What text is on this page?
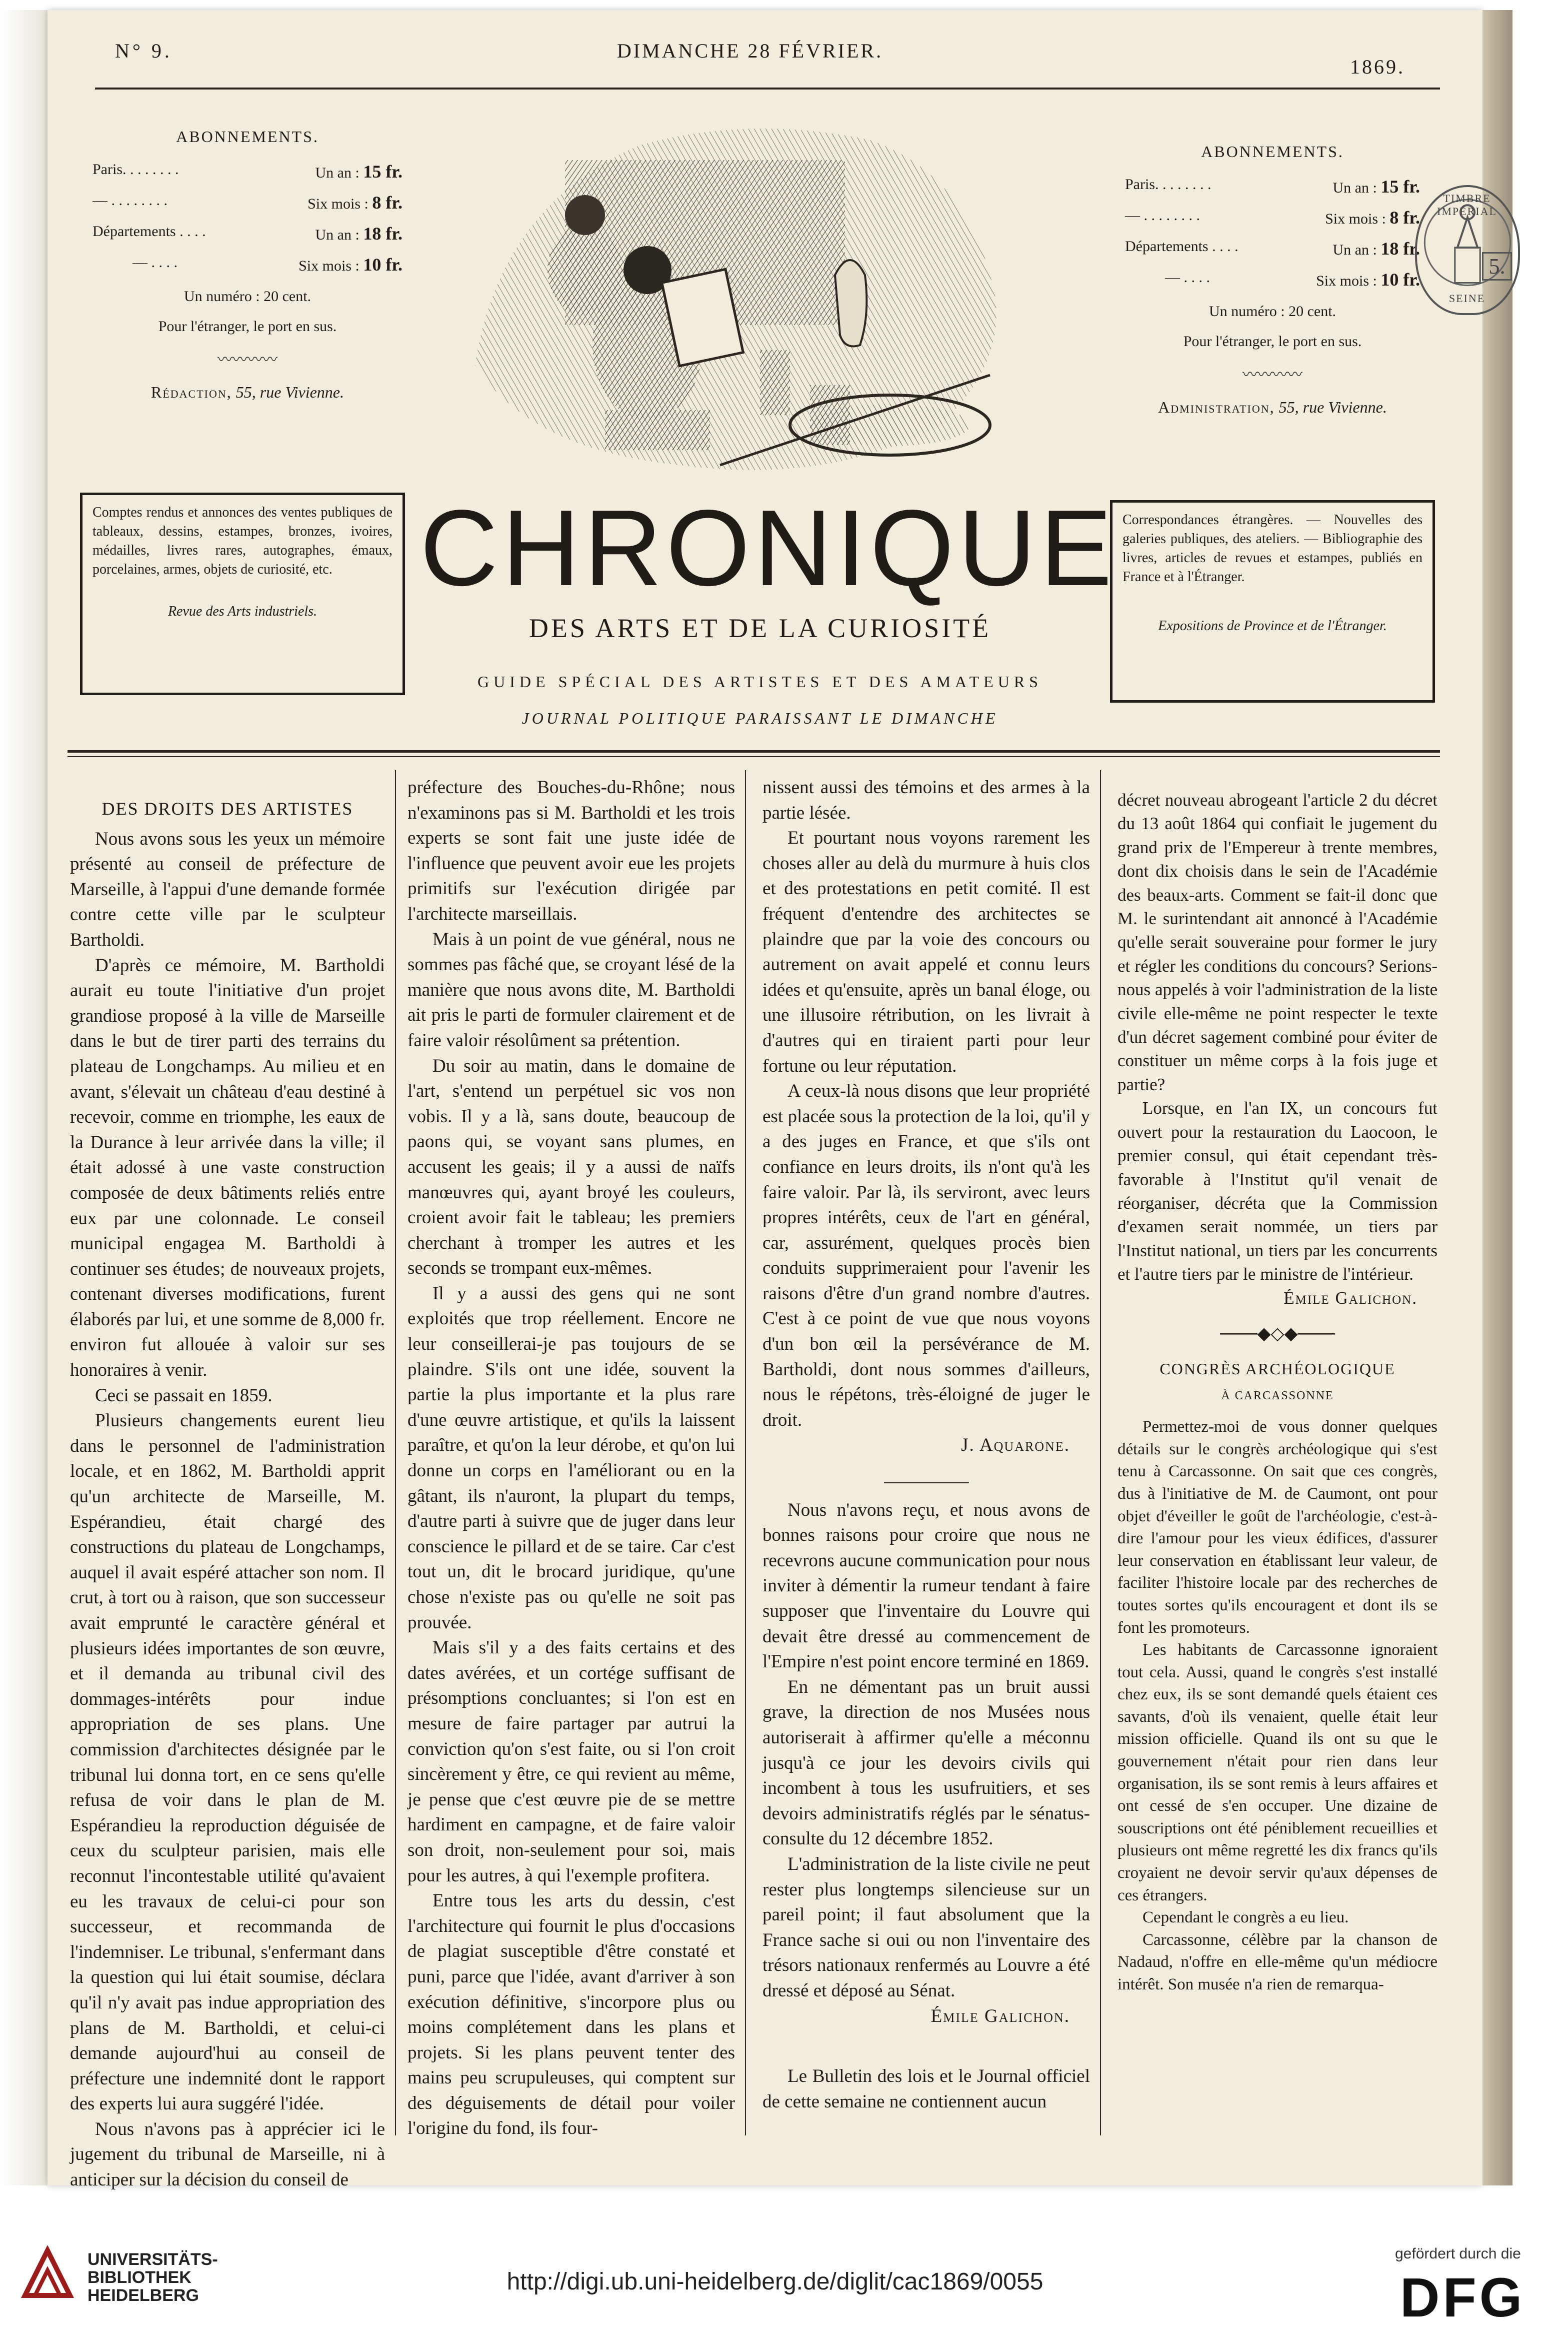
N° 9.	DIMANCHE 28 FÉVRIER.
1869.
ABONNEMENTS.
Paris. . . . . . . .	Un an : 15 fr.
— . . . . . . . .	Six mois : 8 fr.
Départements . . . .	Un an : 18 fr.
— . . . .	Six mois : 10 fr.
Un numéro : 20 cent.
Pour l'étranger, le port en sus.
〰〰〰〰
Rédaction, 55, rue Vivienne.
ABONNEMENTS.
Paris. . . . . . . .	Un an : 15 fr.
— . . . . . . . .	Six mois : 8 fr.
Départements . . . .	Un an : 18 fr.
— . . . .	Six mois : 10 fr.
Un numéro : 20 cent.
Pour l'étranger, le port en sus.
〰〰〰〰
Administration, 55, rue Vivienne.
TIMBRE IMPÉRIAL
5.
SEINE
Comptes rendus et annonces des ventes publiques de tableaux, dessins, estampes, bronzes, ivoires, médailles, livres rares, autographes, émaux, porcelaines, armes, objets de curiosité, etc.
Revue des Arts industriels.
Correspondances étrangères. — Nouvelles des galeries publiques, des ateliers. — Bibliographie des livres, articles de revues et estampes, publiés en France et à l'Étranger.
Expositions de Province et de l'Étranger.
CHRONIQUE
DES ARTS ET DE LA CURIOSITÉ
GUIDE SPÉCIAL DES ARTISTES ET DES AMATEURS
JOURNAL POLITIQUE PARAISSANT LE DIMANCHE
DES DROITS DES ARTISTES

Nous avons sous les yeux un mémoire présenté au conseil de préfecture de Marseille, à l'appui d'une demande formée contre cette ville par le sculpteur Bartholdi.

D'après ce mémoire, M. Bartholdi aurait eu toute l'initiative d'un projet grandiose proposé à la ville de Marseille dans le but de tirer parti des terrains du plateau de Longchamps. Au milieu et en avant, s'élevait un château d'eau destiné à recevoir, comme en triomphe, les eaux de la Durance à leur arrivée dans la ville; il était adossé à une vaste construction composée de deux bâtiments reliés entre eux par une colonnade. Le conseil municipal engagea M. Bartholdi à continuer ses études; de nouveaux projets, contenant diverses modifications, furent élaborés par lui, et une somme de 8,000 fr. environ fut allouée à valoir sur ses honoraires à venir.

Ceci se passait en 1859.

Plusieurs changements eurent lieu dans le personnel de l'administration locale, et en 1862, M. Bartholdi apprit qu'un architecte de Marseille, M. Espérandieu, était chargé des constructions du plateau de Longchamps, auquel il avait espéré attacher son nom. Il crut, à tort ou à raison, que son successeur avait emprunté le caractère général et plusieurs idées importantes de son œuvre, et il demanda au tribunal civil des dommages-intérêts pour indue appropriation de ses plans. Une commission d'architectes désignée par le tribunal lui donna tort, en ce sens qu'elle refusa de voir dans le plan de M. Espérandieu la reproduction déguisée de ceux du sculpteur parisien, mais elle reconnut l'incontestable utilité qu'avaient eu les travaux de celui-ci pour son successeur, et recommanda de l'indemniser. Le tribunal, s'enfermant dans la question qui lui était soumise, déclara qu'il n'y avait pas indue appropriation des plans de M. Bartholdi, et celui-ci demande aujourd'hui au conseil de préfecture une indemnité dont le rapport des experts lui aura suggéré l'idée.

Nous n'avons pas à apprécier ici le jugement du tribunal de Marseille, ni à anticiper sur la décision du conseil de

préfecture des Bouches-du-Rhône; nous n'examinons pas si M. Bartholdi et les trois experts se sont fait une juste idée de l'influence que peuvent avoir eue les projets primitifs sur l'exécution dirigée par l'architecte marseillais.

Mais à un point de vue général, nous ne sommes pas fâché que, se croyant lésé de la manière que nous avons dite, M. Bartholdi ait pris le parti de formuler clairement et de faire valoir résolûment sa prétention.

Du soir au matin, dans le domaine de l'art, s'entend un perpétuel sic vos non vobis. Il y a là, sans doute, beaucoup de paons qui, se voyant sans plumes, en accusent les geais; il y a aussi de naïfs manœuvres qui, ayant broyé les couleurs, croient avoir fait le tableau; les premiers cherchant à tromper les autres et les seconds se trompant eux-mêmes.

Il y a aussi des gens qui ne sont exploités que trop réellement. Encore ne leur conseillerai-je pas toujours de se plaindre. S'ils ont une idée, souvent la partie la plus importante et la plus rare d'une œuvre artistique, et qu'ils la laissent paraître, et qu'on la leur dérobe, et qu'on lui donne un corps en l'améliorant ou en la gâtant, ils n'auront, la plupart du temps, d'autre parti à suivre que de juger dans leur conscience le pillard et de se taire. Car c'est tout un, dit le brocard juridique, qu'une chose n'existe pas ou qu'elle ne soit pas prouvée.

Mais s'il y a des faits certains et des dates avérées, et un cortége suffisant de présomptions concluantes; si l'on est en mesure de faire partager par autrui la conviction qu'on s'est faite, ou si l'on croit sincèrement y être, ce qui revient au même, je pense que c'est œuvre pie de se mettre hardiment en campagne, et de faire valoir son droit, non-seulement pour soi, mais pour les autres, à qui l'exemple profitera.

Entre tous les arts du dessin, c'est l'architecture qui fournit le plus d'occasions de plagiat susceptible d'être constaté et puni, parce que l'idée, avant d'arriver à son exécution définitive, s'incorpore plus ou moins complétement dans les plans et projets. Si les plans peuvent tenter des mains peu scrupuleuses, qui comptent sur des déguisements de détail pour voiler l'origine du fond, ils four-

nissent aussi des témoins et des armes à la partie lésée.

Et pourtant nous voyons rarement les choses aller au delà du murmure à huis clos et des protestations en petit comité. Il est fréquent d'entendre des architectes se plaindre que par la voie des concours ou autrement on avait appelé et connu leurs idées et qu'ensuite, après un banal éloge, ou une illusoire rétribution, on les livrait à d'autres qui en tiraient parti pour leur fortune ou leur réputation.

A ceux-là nous disons que leur propriété est placée sous la protection de la loi, qu'il y a des juges en France, et que s'ils ont confiance en leurs droits, ils n'ont qu'à les faire valoir. Par là, ils serviront, avec leurs propres intérêts, ceux de l'art en général, car, assurément, quelques procès bien conduits supprimeraient pour l'avenir les raisons d'être d'un grand nombre d'autres. C'est à ce point de vue que nous voyons d'un bon œil la persévérance de M. Bartholdi, dont nous sommes d'ailleurs, nous le répétons, très-éloigné de juger le droit.

J. Aquarone.

Nous n'avons reçu, et nous avons de bonnes raisons pour croire que nous ne recevrons aucune communication pour nous inviter à démentir la rumeur tendant à faire supposer que l'inventaire du Louvre qui devait être dressé au commencement de l'Empire n'est point encore terminé en 1869.

En ne démentant pas un bruit aussi grave, la direction de nos Musées nous autoriserait à affirmer qu'elle a méconnu jusqu'à ce jour les devoirs civils qui incombent à tous les usufruitiers, et ses devoirs administratifs réglés par le sénatus-consulte du 12 décembre 1852.

L'administration de la liste civile ne peut rester plus longtemps silencieuse sur un pareil point; il faut absolument que la France sache si oui ou non l'inventaire des trésors nationaux renfermés au Louvre a été dressé et déposé au Sénat.

Émile Galichon.

Le Bulletin des lois et le Journal officiel de cette semaine ne contiennent aucun

décret nouveau abrogeant l'article 2 du décret du 13 août 1864 qui confiait le jugement du grand prix de l'Empereur à trente membres, dont dix choisis dans le sein de l'Académie des beaux-arts. Comment se fait-il donc que M. le surintendant ait annoncé à l'Académie qu'elle serait souveraine pour former le jury et régler les conditions du concours? Serions-nous appelés à voir l'administration de la liste civile elle-même ne point respecter le texte d'un décret sagement combiné pour éviter de constituer un même corps à la fois juge et partie?

Lorsque, en l'an IX, un concours fut ouvert pour la restauration du Laocoon, le premier consul, qui était cependant très-favorable à l'Institut qu'il venait de réorganiser, décréta que la Commission d'examen serait nommée, un tiers par l'Institut national, un tiers par les concurrents et l'autre tiers par le ministre de l'intérieur.

Émile Galichon.

───◆◇◆───
CONGRÈS ARCHÉOLOGIQUE
À CARCASSONNE

Permettez-moi de vous donner quelques détails sur le congrès archéologique qui s'est tenu à Carcassonne. On sait que ces congrès, dus à l'initiative de M. de Caumont, ont pour objet d'éveiller le goût de l'archéologie, c'est-à-dire l'amour pour les vieux édifices, d'assurer leur conservation en établissant leur valeur, de faciliter l'histoire locale par des recherches de toutes sortes qu'ils encouragent et dont ils se font les promoteurs.

Les habitants de Carcassonne ignoraient tout cela. Aussi, quand le congrès s'est installé chez eux, ils se sont demandé quels étaient ces savants, d'où ils venaient, quelle était leur mission officielle. Quand ils ont su que le gouvernement n'était pour rien dans leur organisation, ils se sont remis à leurs affaires et ont cessé de s'en occuper. Une dizaine de souscriptions ont été péniblement recueillies et plusieurs ont même regretté les dix francs qu'ils croyaient ne devoir servir qu'aux dépenses de ces étrangers.

Cependant le congrès a eu lieu.

Carcassonne, célèbre par la chanson de Nadaud, n'offre en elle-même qu'un médiocre intérêt. Son musée n'a rien de remarqua-

UNIVERSITÄTS-
BIBLIOTHEK
HEIDELBERG
http://digi.ub.uni-heidelberg.de/diglit/cac1869/0055
gefördert durch die
DFG
